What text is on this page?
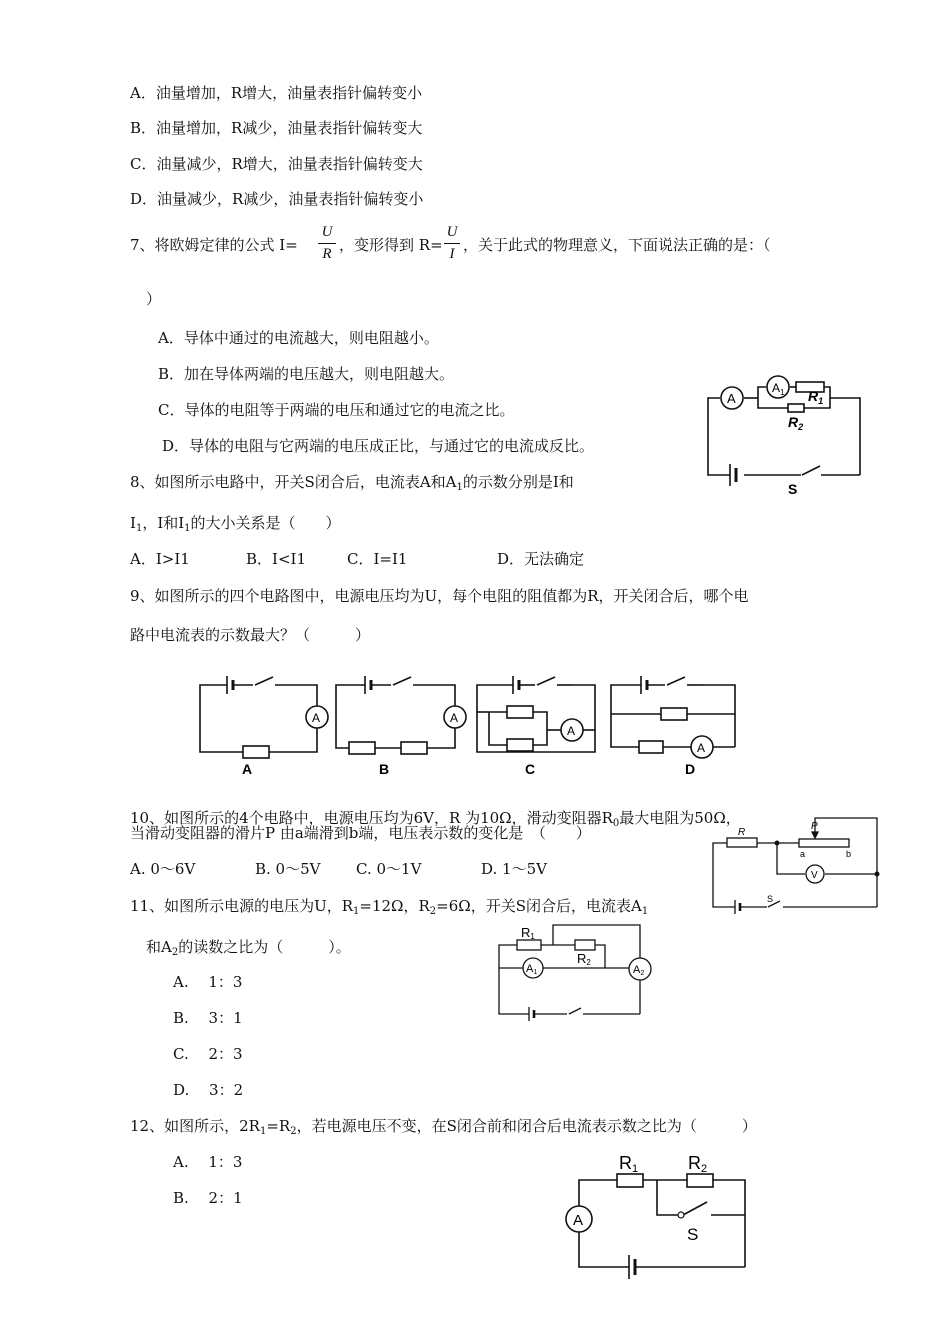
A．油量增加，R增大，油量表指针偏转变小
B．油量增加，R减少，油量表指针偏转变大
C．油量减少，R增大，油量表指针偏转变大
D．油量减少，R减少，油量表指针偏转变小
7、将欧姆定律的公式 I=
U
R ，变形得到 R=
U
I ，关于此式的物理意义，下面说法正确的是：（
）
A．导体中通过的电流越大，则电阻越小。
B．加在导体两端的电压越大，则电阻越大。
C．导体的电阻等于两端的电压和通过它的电流之比。
D．导体的电阻与它两端的电压成正比，与通过它的电流成反比。
A
$A_1$ $R_1$
$R_2$
S
8、如图所示电路中，开关S闭合后，电流表A和$A_1$的示数分别是I和
$I_1$，I和$I_1$的大小关系是（　　）
A．I>I1	B．I<I1	C．I=I1	D．无法确定
9、如图所示的四个电路图中，电源电压均为U，每个电阻的阻值都为R，开关闭合后，哪个电
路中电流表的示数最大？（　　　）
A	A
A
A
A	B	C	D
10、如图所示的4个电路中，电源电压均为6V，R 为10Ω，滑动变阻器$R_0$最大电阻为50Ω，
当滑动变阻器的滑片P 由a端滑到b端，电压表示数的变化是　（　　）
A. 0～6V	B. 0～5V C. 0～1V	D. 1～5V	V
R
P
a	b
S
11、如图所示电源的电压为U，$R_1=12\Omega$，$R_2=6\Omega$，开关S闭合后，电流表$A_1$
和$A_2$的读数之比为（　　　）。
A.　 1：3
B.　 3：1
C.　 2：3
D.　 3：2
A1	A2
R1
R2
12、如图所示，$2R_1=R_2$，若电源电压不变，在S闭合前和闭合后电流表示数之比为（　　　）
A.　 1：3
B.　 2：1
A
R1	R2
S
